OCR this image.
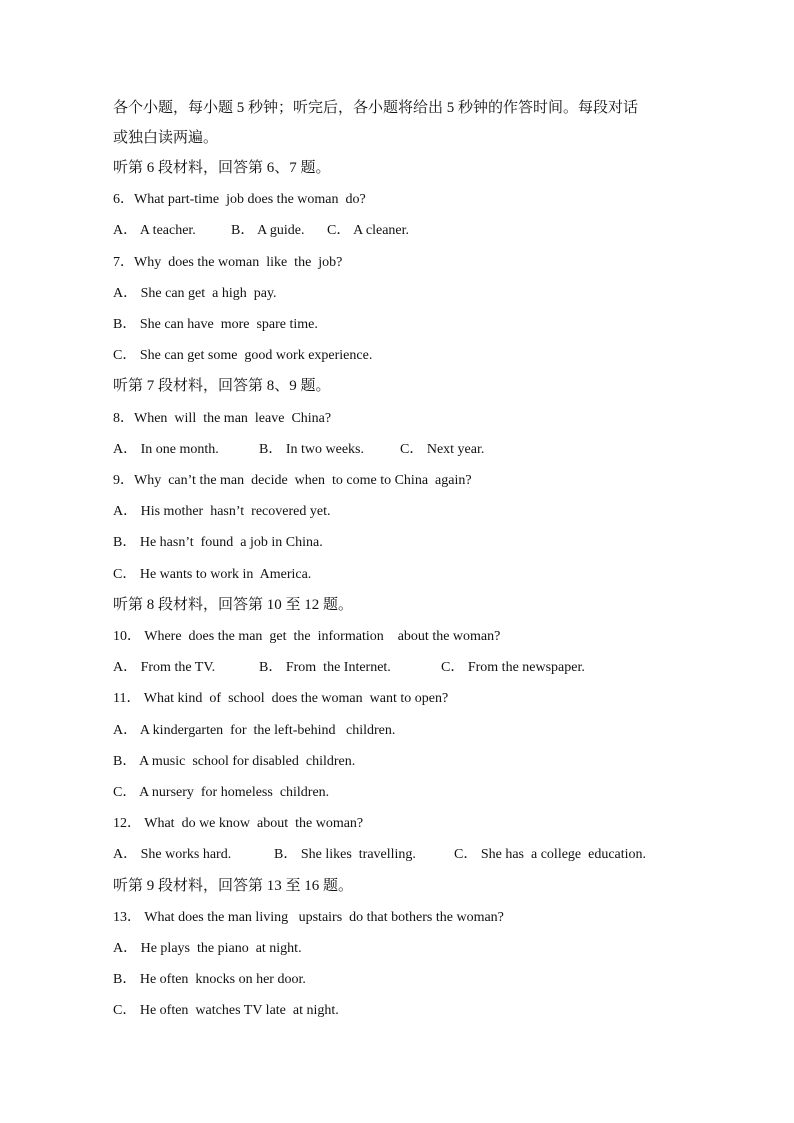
各个小题，每小题 5 秒钟；听完后，各小题将给出 5 秒钟的作答时间。每段对话

或独白读两遍。

听第 6 段材料，回答第 6、7 题。

6．What part-time  job does the woman  do?

A． A teacher.	B． A guide.	C． A cleaner.

7．Why  does the woman  like  the  job?

A． She can get  a high  pay.

B． She can have  more  spare time.

C． She can get some  good work experience.

听第 7 段材料，回答第 8、9 题。

8．When  will  the man  leave  China?

A． In one month.	B． In two weeks.	C． Next year.

9．Why  can’t the man  decide  when  to come to China  again?

A． His mother  hasn’t  recovered yet.

B． He hasn’t  found  a job in China.

C． He wants to work in  America.

听第 8 段材料，回答第 10 至 12 题。

10． Where  does the man  get  the  information    about the woman?

A． From the TV.	B． From  the Internet.	C． From the newspaper.

11． What kind  of  school  does the woman  want to open?

A． A kindergarten  for  the left-behind   children.

B． A music  school for disabled  children.

C． A nursery  for homeless  children.

12． What  do we know  about  the woman?

A． She works hard.	B． She likes  travelling.	C． She has  a college  education.

听第 9 段材料，回答第 13 至 16 题。

13． What does the man living   upstairs  do that bothers the woman?

A． He plays  the piano  at night.

B． He often  knocks on her door.

C． He often  watches TV late  at night.
